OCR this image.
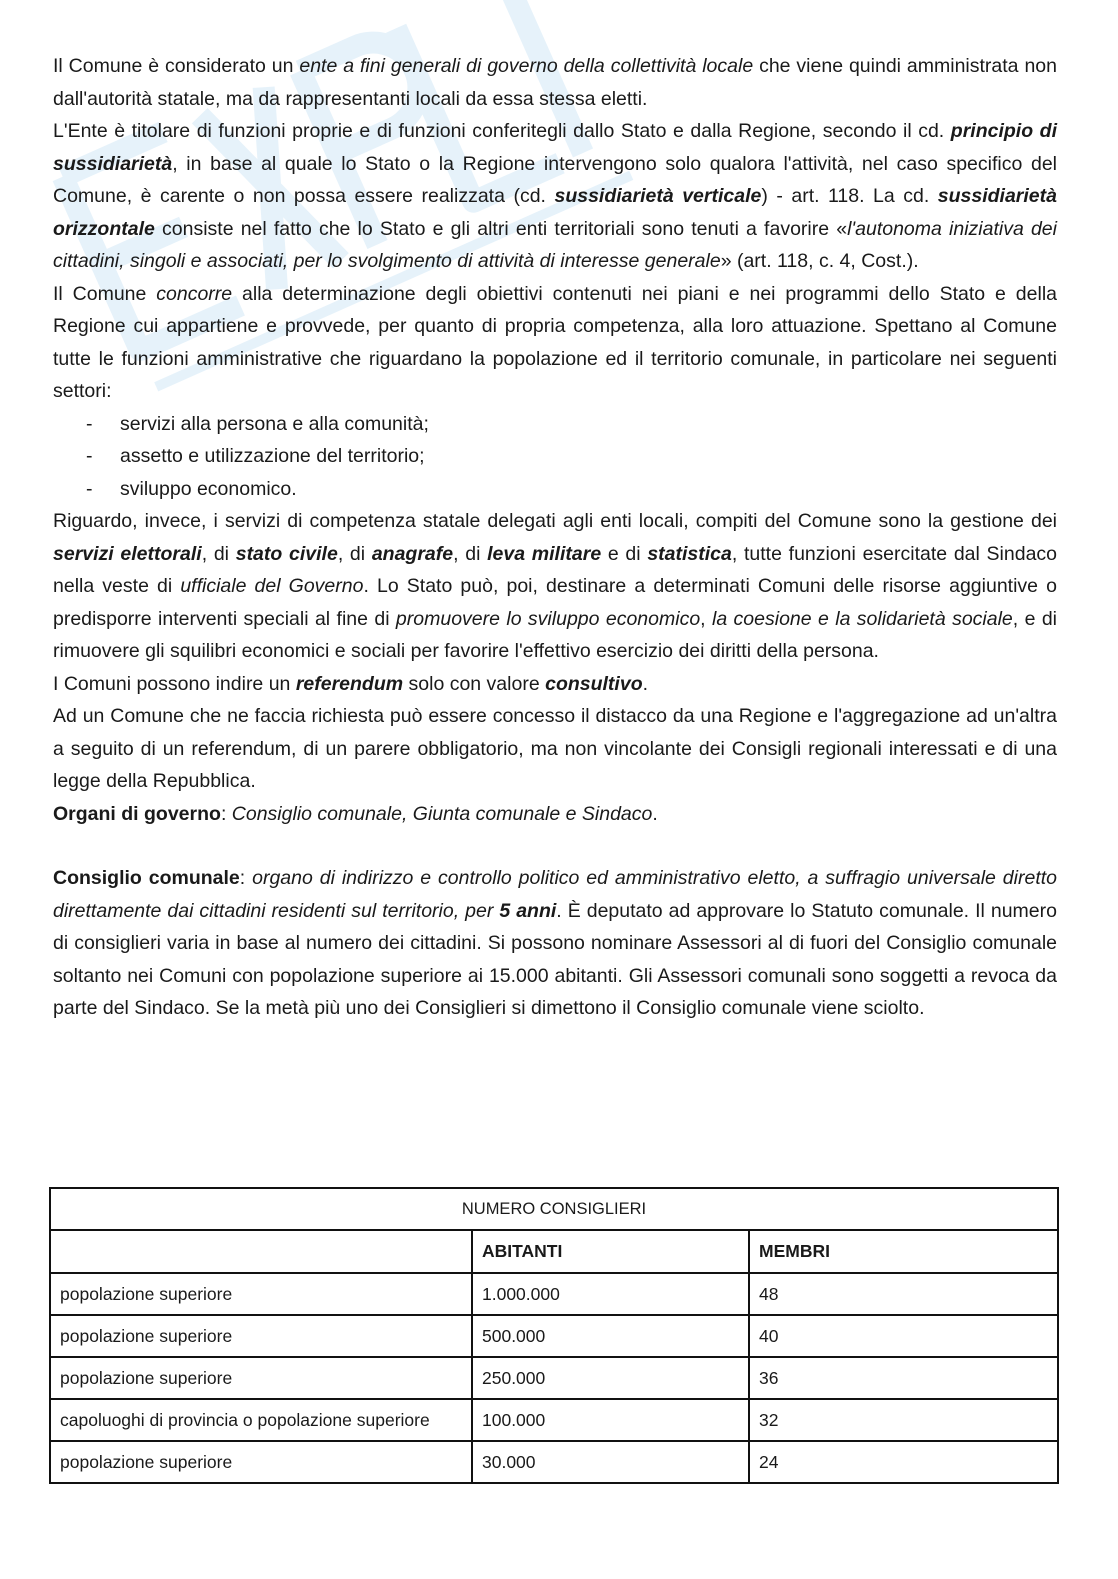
Il Comune è considerato un ente a fini generali di governo della collettività locale che viene quindi amministrata non dall'autorità statale, ma da rappresentanti locali da essa stessa eletti.

L'Ente è titolare di funzioni proprie e di funzioni conferitegli dallo Stato e dalla Regione, secondo il cd. principio di sussidiarietà, in base al quale lo Stato o la Regione intervengono solo qualora l'attività, nel caso specifico del Comune, è carente o non possa essere realizzata (cd. sussidiarietà verticale) - art. 118. La cd. sussidiarietà orizzontale consiste nel fatto che lo Stato e gli altri enti territoriali sono tenuti a favorire «l'autonoma iniziativa dei cittadini, singoli e associati, per lo svolgimento di attività di interesse generale» (art. 118, c. 4, Cost.).

Il Comune concorre alla determinazione degli obiettivi contenuti nei piani e nei programmi dello Stato e della Regione cui appartiene e provvede, per quanto di propria competenza, alla loro attuazione. Spettano al Comune tutte le funzioni amministrative che riguardano la popolazione ed il territorio comunale, in particolare nei seguenti settori:

- servizi alla persona e alla comunità;
- assetto e utilizzazione del territorio;
- sviluppo economico.

Riguardo, invece, i servizi di competenza statale delegati agli enti locali, compiti del Comune sono la gestione dei servizi elettorali, di stato civile, di anagrafe, di leva militare e di statistica, tutte funzioni esercitate dal Sindaco nella veste di ufficiale del Governo. Lo Stato può, poi, destinare a determinati Comuni delle risorse aggiuntive o predisporre interventi speciali al fine di promuovere lo sviluppo economico, la coesione e la solidarietà sociale, e di rimuovere gli squilibri economici e sociali per favorire l'effettivo esercizio dei diritti della persona.

I Comuni possono indire un referendum solo con valore consultivo.

Ad un Comune che ne faccia richiesta può essere concesso il distacco da una Regione e l'aggregazione ad un'altra a seguito di un referendum, di un parere obbligatorio, ma non vincolante dei Consigli regionali interessati e di una legge della Repubblica.

Organi di governo: Consiglio comunale, Giunta comunale e Sindaco.

Consiglio comunale: organo di indirizzo e controllo politico ed amministrativo eletto, a suffragio universale diretto direttamente dai cittadini residenti sul territorio, per 5 anni. È deputato ad approvare lo Statuto comunale. Il numero di consiglieri varia in base al numero dei cittadini. Si possono nominare Assessori al di fuori del Consiglio comunale soltanto nei Comuni con popolazione superiore ai 15.000 abitanti. Gli Assessori comunali sono soggetti a revoca da parte del Sindaco. Se la metà più uno dei Consiglieri si dimettono il Consiglio comunale viene sciolto.

NUMERO CONSIGLIERI		
	ABITANTI	MEMBRI
popolazione superiore	1.000.000	48
popolazione superiore	500.000	40
popolazione superiore	250.000	36
capoluoghi di provincia o popolazione superiore	100.000	32
popolazione superiore	30.000	24
